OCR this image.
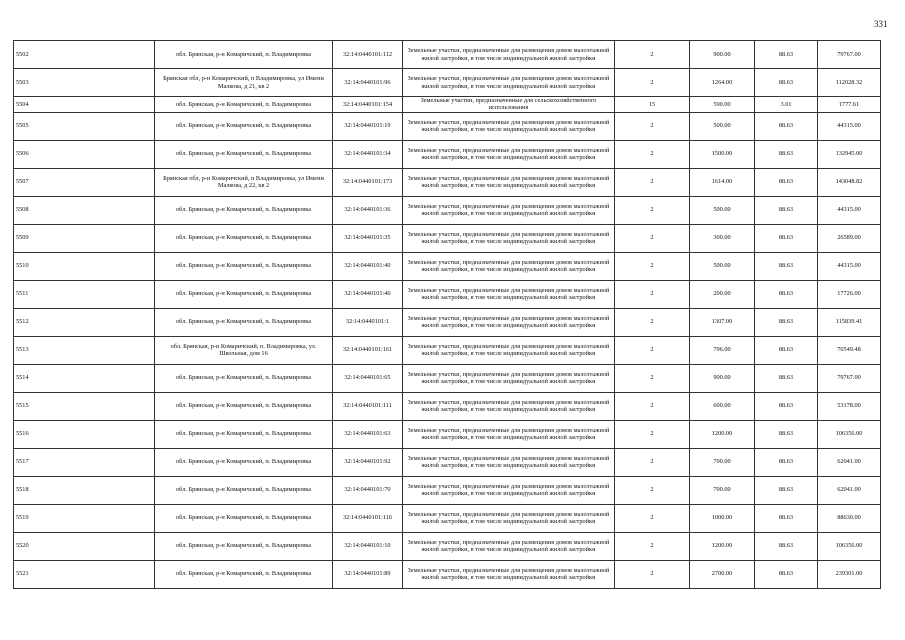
331
5502	обл. Брянская, р-н Комаричский, п. Владимировка	32:14:0440101:112	Земельные участки, предназначенные для размещения домов малоэтажной жилой застройки, в том числе индивидуальной жилой застройки	2	900.00	88.63	79767.00
5503	Брянская обл, р-н Комаричский, п Владимировка, ул Имени Малкова, д 21, кв 2	32:14:0440101:96	Земельные участки, предназначенные для размещения домов малоэтажной жилой застройки, в том числе индивидуальной жилой застройки	2	1264.00	88.63	112028.32
5504	обл. Брянская, р-н Комаричский, п. Владимировка	32:14:0440101:154	Земельные участки, предназначенные для сельскохозяйственного использования	15	590.00	3.01	1777.61
5505	обл. Брянская, р-н Комаричский, п. Владимировка	32:14:0440101:19	Земельные участки, предназначенные для размещения домов малоэтажной жилой застройки, в том числе индивидуальной жилой застройки	2	500.00	88.63	44315.00
5506	обл. Брянская, р-н Комаричский, п. Владимировка	32:14:0440101:34	Земельные участки, предназначенные для размещения домов малоэтажной жилой застройки, в том числе индивидуальной жилой застройки	2	1500.00	88.63	132945.00
5507	Брянская обл, р-н Комаричский, п Владимировка, ул Имени Малкова, д 22, кв 2	32:14:0440101:173	Земельные участки, предназначенные для размещения домов малоэтажной жилой застройки, в том числе индивидуальной жилой застройки	2	1614.00	88.63	143048.82
5508	обл. Брянская, р-н Комаричский, п. Владимировка	32:14:0440101:36	Земельные участки, предназначенные для размещения домов малоэтажной жилой застройки, в том числе индивидуальной жилой застройки	2	500.00	88.63	44315.00
5509	обл. Брянская, р-н Комаричский, п. Владимировка	32:14:0440101:35	Земельные участки, предназначенные для размещения домов малоэтажной жилой застройки, в том числе индивидуальной жилой застройки	2	300.00	88.63	26589.00
5510	обл. Брянская, р-н Комаричский, п. Владимировка	32:14:0440101:40	Земельные участки, предназначенные для размещения домов малоэтажной жилой застройки, в том числе индивидуальной жилой застройки	2	500.00	88.63	44315.00
5511	обл. Брянская, р-н Комаричский, п. Владимировка	32:14:0440101:46	Земельные участки, предназначенные для размещения домов малоэтажной жилой застройки, в том числе индивидуальной жилой застройки	2	200.00	88.63	17726.00
5512	обл. Брянская, р-н Комаричский, п. Владимировка	32:14:0440101:1	Земельные участки, предназначенные для размещения домов малоэтажной жилой застройки, в том числе индивидуальной жилой застройки	2	1307.00	88.63	115839.41
5513	обл. Брянская, р-н Комаричский, п. Владимировка, ул. Школьная, дом 16	32:14:0440101:161	Земельные участки, предназначенные для размещения домов малоэтажной жилой застройки, в том числе индивидуальной жилой застройки	2	796.00	88.63	70549.48
5514	обл. Брянская, р-н Комаричский, п. Владимировка	32:14:0440101:65	Земельные участки, предназначенные для размещения домов малоэтажной жилой застройки, в том числе индивидуальной жилой застройки	2	900.00	88.63	79767.00
5515	обл. Брянская, р-н Комаричский, п. Владимировка	32:14:0440101:111	Земельные участки, предназначенные для размещения домов малоэтажной жилой застройки, в том числе индивидуальной жилой застройки	2	600.00	88.63	53178.00
5516	обл. Брянская, р-н Комаричский, п. Владимировка	32:14:0440101:63	Земельные участки, предназначенные для размещения домов малоэтажной жилой застройки, в том числе индивидуальной жилой застройки	2	1200.00	88.63	106356.00
5517	обл. Брянская, р-н Комаричский, п. Владимировка	32:14:0440101:92	Земельные участки, предназначенные для размещения домов малоэтажной жилой застройки, в том числе индивидуальной жилой застройки	2	700.00	88.63	62041.00
5518	обл. Брянская, р-н Комаричский, п. Владимировка	32:14:0440101:70	Земельные участки, предназначенные для размещения домов малоэтажной жилой застройки, в том числе индивидуальной жилой застройки	2	700.00	88.63	62041.00
5519	обл. Брянская, р-н Комаричский, п. Владимировка	32:14:0440101:116	Земельные участки, предназначенные для размещения домов малоэтажной жилой застройки, в том числе индивидуальной жилой застройки	2	1000.00	88.63	88630.00
5520	обл. Брянская, р-н Комаричский, п. Владимировка	32:14:0440101:10	Земельные участки, предназначенные для размещения домов малоэтажной жилой застройки, в том числе индивидуальной жилой застройки	2	1200.00	88.63	106356.00
5521	обл. Брянская, р-н Комаричский, п. Владимировка	32:14:0440101:89	Земельные участки, предназначенные для размещения домов малоэтажной жилой застройки, в том числе индивидуальной жилой застройки	2	2700.00	88.63	239301.00
